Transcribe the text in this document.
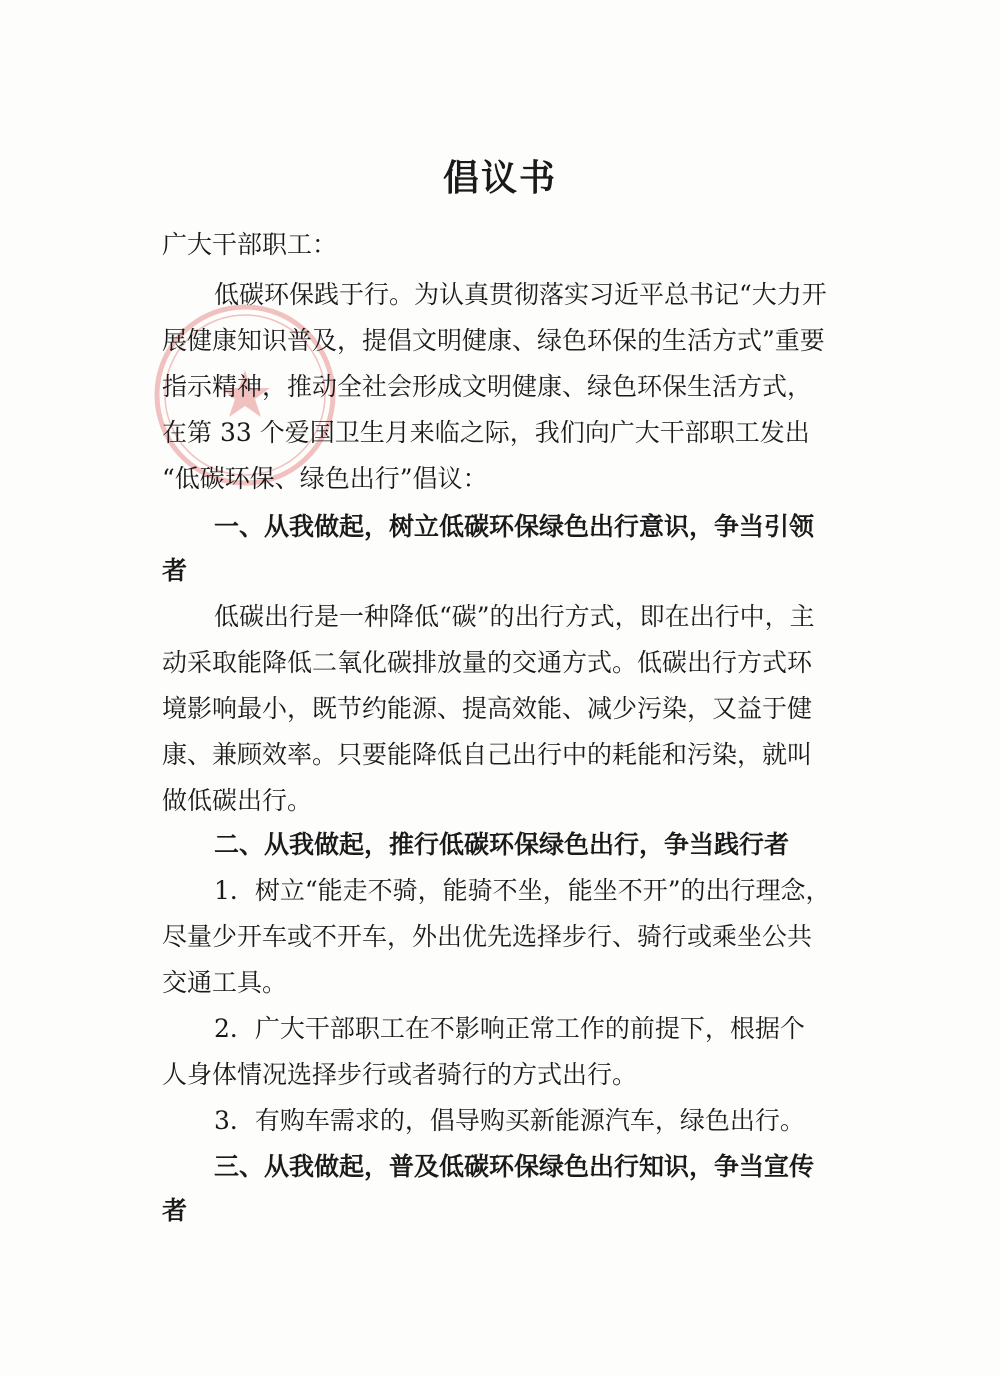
倡议书
广大干部职工：
低碳环保践于行。为认真贯彻落实习近平总书记“大力开
展健康知识普及，提倡文明健康、绿色环保的生活方式”重要
指示精神，推动全社会形成文明健康、绿色环保生活方式，
在第 33 个爱国卫生月来临之际，我们向广大干部职工发出
“低碳环保、绿色出行”倡议：
一、从我做起，树立低碳环保绿色出行意识，争当引领
者
低碳出行是一种降低“碳”的出行方式，即在出行中，主
动采取能降低二氧化碳排放量的交通方式。低碳出行方式环
境影响最小，既节约能源、提高效能、减少污染，又益于健
康、兼顾效率。只要能降低自己出行中的耗能和污染，就叫
做低碳出行。
二、从我做起，推行低碳环保绿色出行，争当践行者
1．树立“能走不骑，能骑不坐，能坐不开”的出行理念，
尽量少开车或不开车，外出优先选择步行、骑行或乘坐公共
交通工具。
2．广大干部职工在不影响正常工作的前提下，根据个
人身体情况选择步行或者骑行的方式出行。
3．有购车需求的，倡导购买新能源汽车，绿色出行。
三、从我做起，普及低碳环保绿色出行知识，争当宣传
者
